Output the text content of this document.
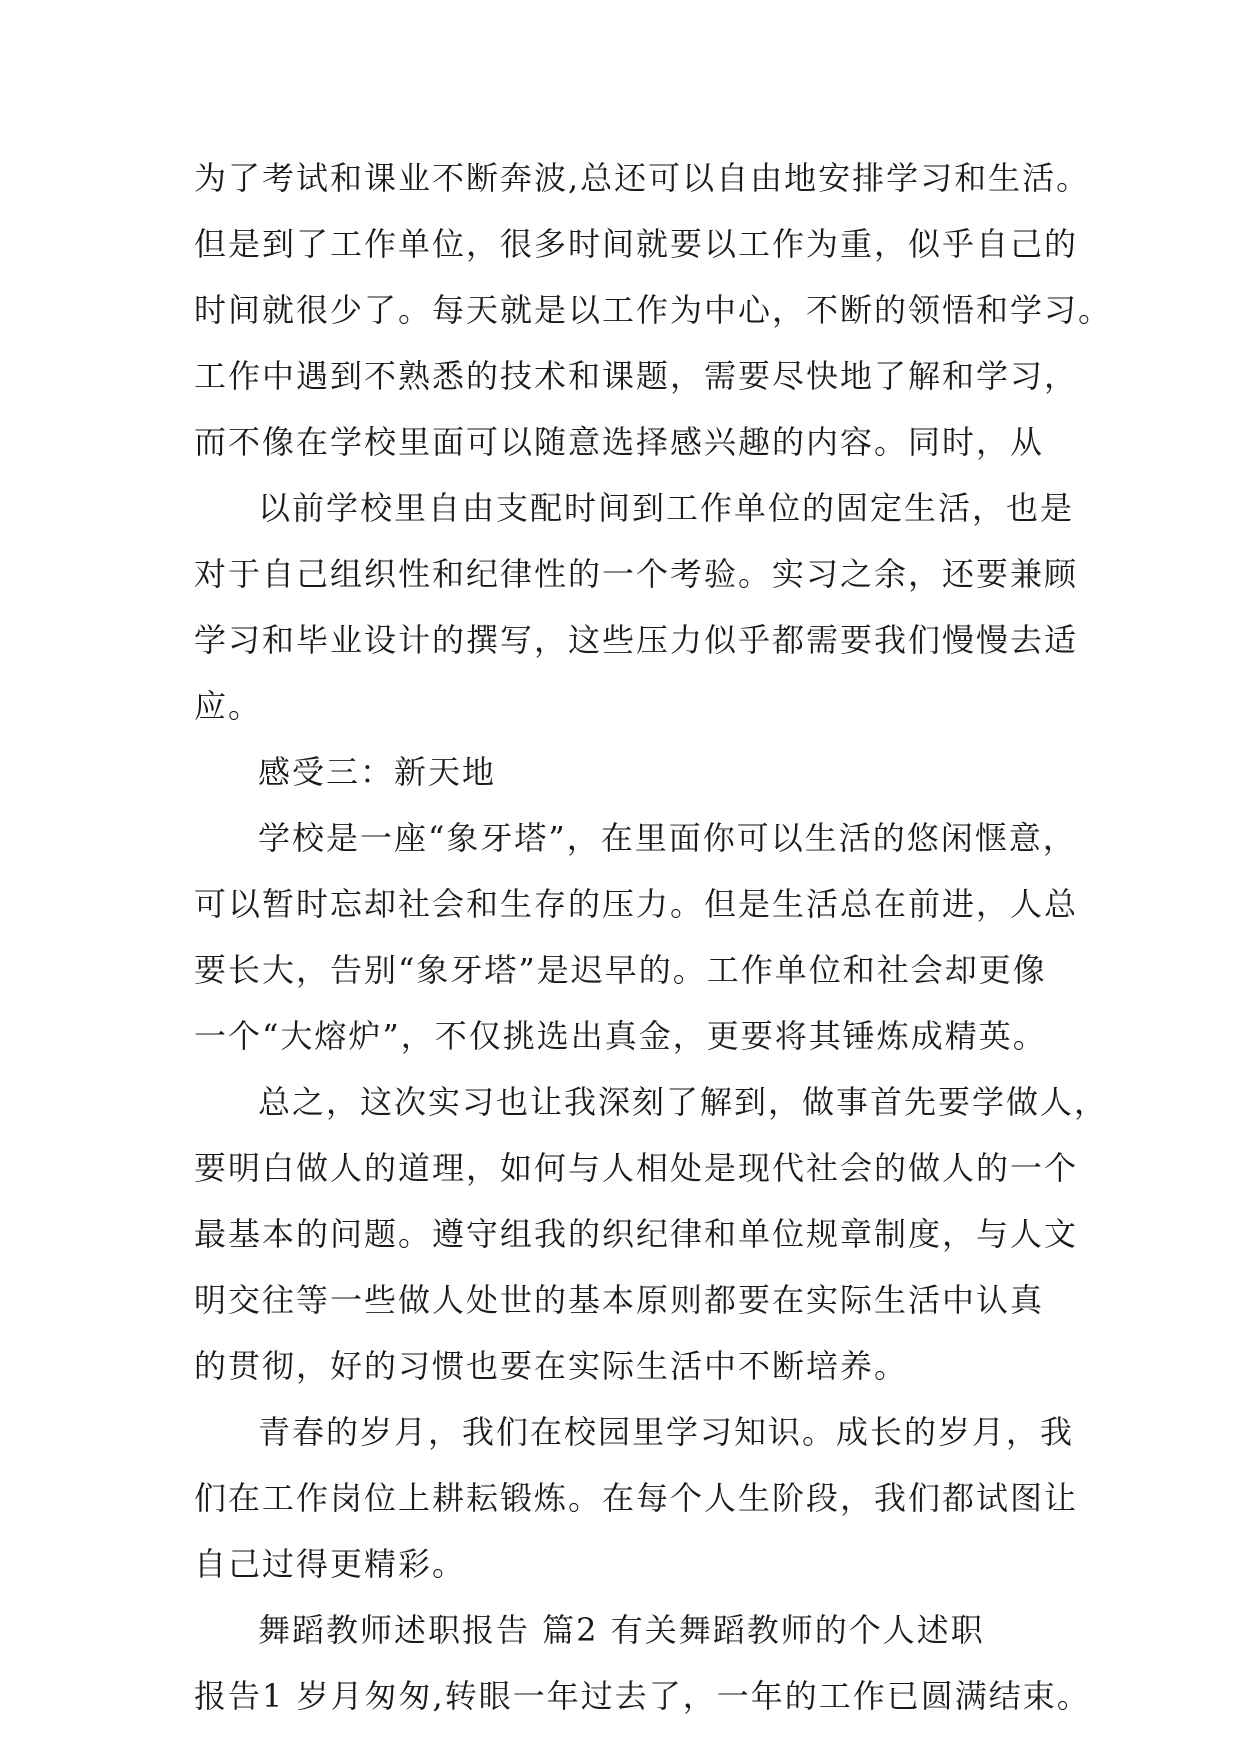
为了考试和课业不断奔波,总还可以自由地安排学习和生活。
但是到了工作单位，很多时间就要以工作为重，似乎自己的
时间就很少了。每天就是以工作为中心，不断的领悟和学习。
工作中遇到不熟悉的技术和课题，需要尽快地了解和学习，
而不像在学校里面可以随意选择感兴趣的内容。同时，从
以前学校里自由支配时间到工作单位的固定生活，也是
对于自己组织性和纪律性的一个考验。实习之余，还要兼顾
学习和毕业设计的撰写，这些压力似乎都需要我们慢慢去适
应。
感受三：新天地
学校是一座“象牙塔”，在里面你可以生活的悠闲惬意，
可以暂时忘却社会和生存的压力。但是生活总在前进，人总
要长大，告别“象牙塔”是迟早的。工作单位和社会却更像
一个“大熔炉”，不仅挑选出真金，更要将其锤炼成精英。
总之，这次实习也让我深刻了解到，做事首先要学做人，
要明白做人的道理，如何与人相处是现代社会的做人的一个
最基本的问题。遵守组我的织纪律和单位规章制度，与人文
明交往等一些做人处世的基本原则都要在实际生活中认真
的贯彻，好的习惯也要在实际生活中不断培养。
青春的岁月，我们在校园里学习知识。成长的岁月，我
们在工作岗位上耕耘锻炼。在每个人生阶段，我们都试图让
自己过得更精彩。
舞蹈教师述职报告 篇2 有关舞蹈教师的个人述职
报告1 岁月匆匆,转眼一年过去了，一年的工作已圆满结束。
